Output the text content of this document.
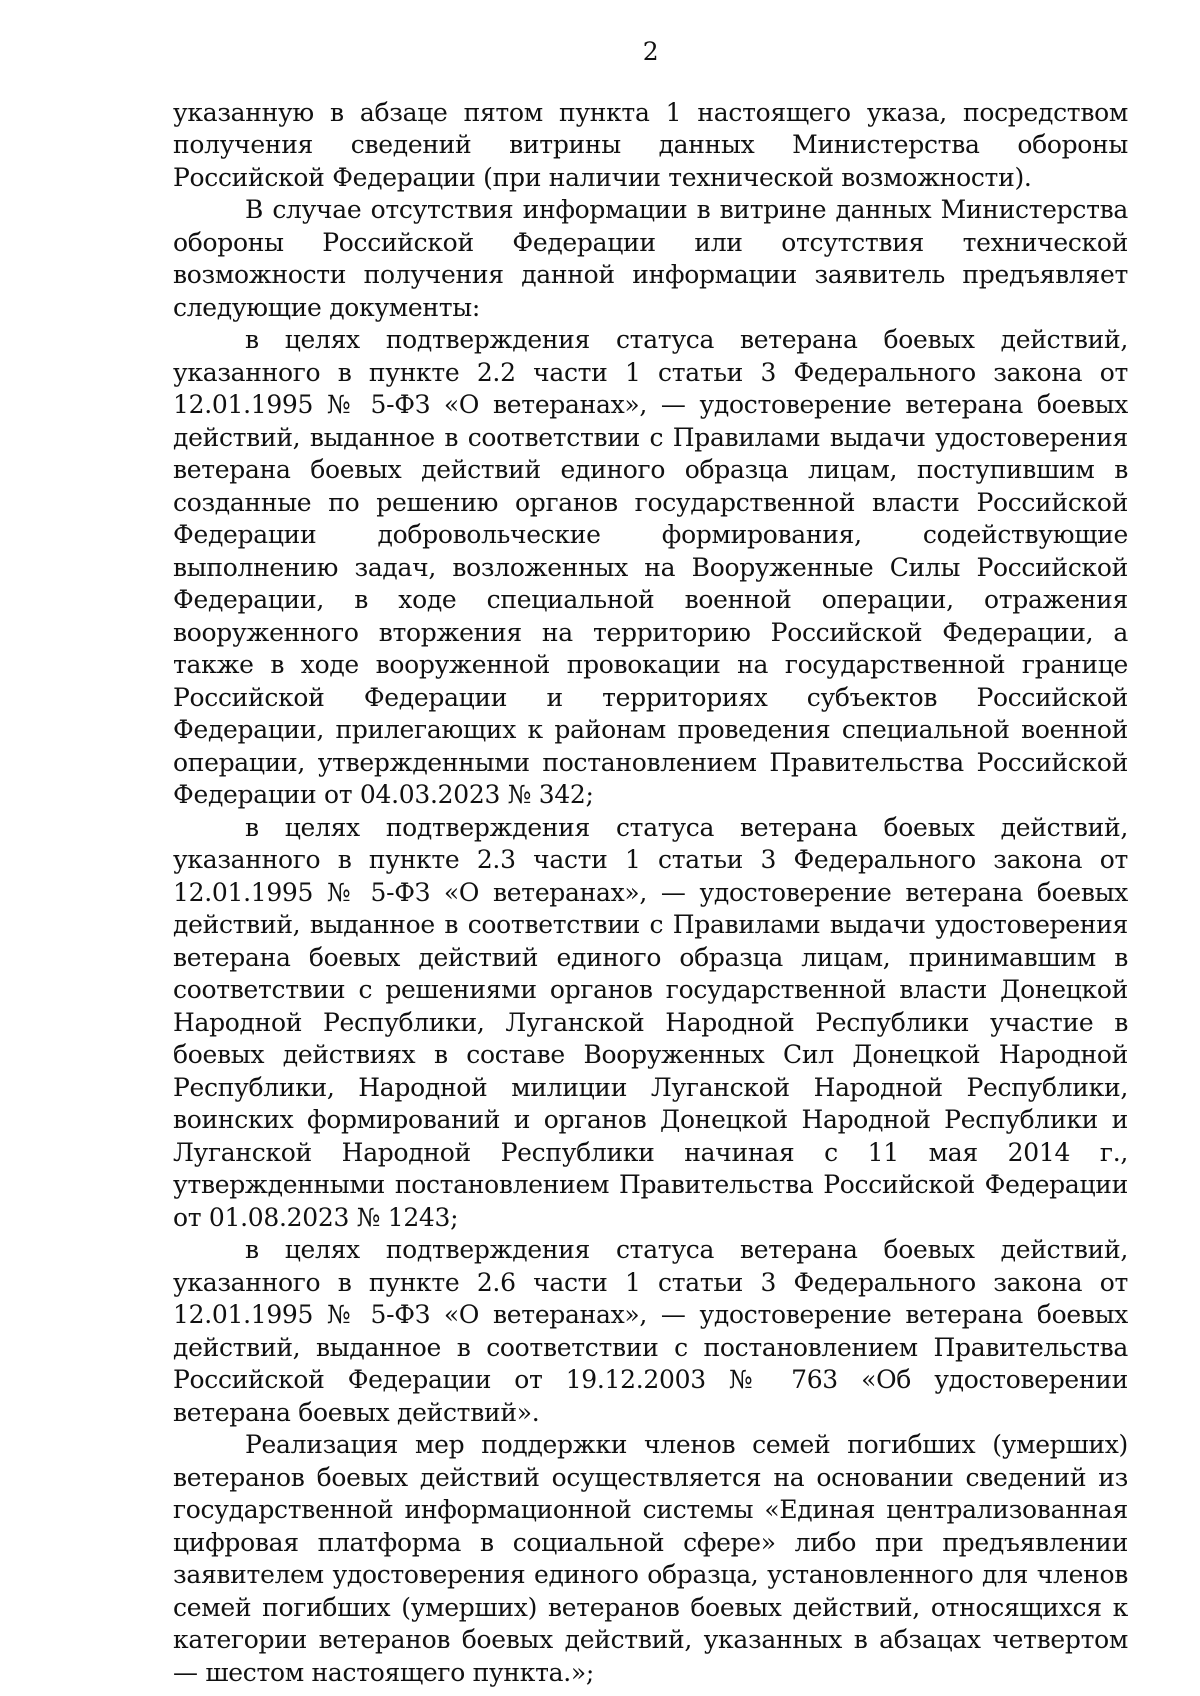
2

указанную в абзаце пятом пункта 1 настоящего указа, посредством получения сведений витрины данных Министерства обороны Российской Федерации (при наличии технической возможности).

В случае отсутствия информации в витрине данных Министерства обороны Российской Федерации или отсутствия технической возможности получения данной информации заявитель предъявляет следующие документы:

в целях подтверждения статуса ветерана боевых действий, указанного в пункте 2.2 части 1 статьи 3 Федерального закона от 12.01.1995 № 5-ФЗ «О ветеранах», — удостоверение ветерана боевых действий, выданное в соответствии с Правилами выдачи удостоверения ветерана боевых действий единого образца лицам, поступившим в созданные по решению органов государственной власти Российской Федерации добровольческие формирования, содействующие выполнению задач, возложенных на Вооруженные Силы Российской Федерации, в ходе специальной военной операции, отражения вооруженного вторжения на территорию Российской Федерации, а также в ходе вооруженной провокации на государственной границе Российской Федерации и территориях субъектов Российской Федерации, прилегающих к районам проведения специальной военной операции, утвержденными постановлением Правительства Российской Федерации от 04.03.2023 № 342;

в целях подтверждения статуса ветерана боевых действий, указанного в пункте 2.3 части 1 статьи 3 Федерального закона от 12.01.1995 № 5-ФЗ «О ветеранах», — удостоверение ветерана боевых действий, выданное в соответствии с Правилами выдачи удостоверения ветерана боевых действий единого образца лицам, принимавшим в соответствии с решениями органов государственной власти Донецкой Народной Республики, Луганской Народной Республики участие в боевых действиях в составе Вооруженных Сил Донецкой Народной Республики, Народной милиции Луганской Народной Республики, воинских формирований и органов Донецкой Народной Республики и Луганской Народной Республики начиная с 11 мая 2014 г., утвержденными постановлением Правительства Российской Федерации от 01.08.2023 № 1243;

в целях подтверждения статуса ветерана боевых действий, указанного в пункте 2.6 части 1 статьи 3 Федерального закона от 12.01.1995 № 5-ФЗ «О ветеранах», — удостоверение ветерана боевых действий, выданное в соответствии с постановлением Правительства Российской Федерации от 19.12.2003 № 763 «Об удостоверении ветерана боевых действий».

Реализация мер поддержки членов семей погибших (умерших) ветеранов боевых действий осуществляется на основании сведений из государственной информационной системы «Единая централизованная цифровая платформа в социальной сфере» либо при предъявлении заявителем удостоверения единого образца, установленного для членов семей погибших (умерших) ветеранов боевых действий, относящихся к категории ветеранов боевых действий, указанных в абзацах четвертом — шестом настоящего пункта.»;
